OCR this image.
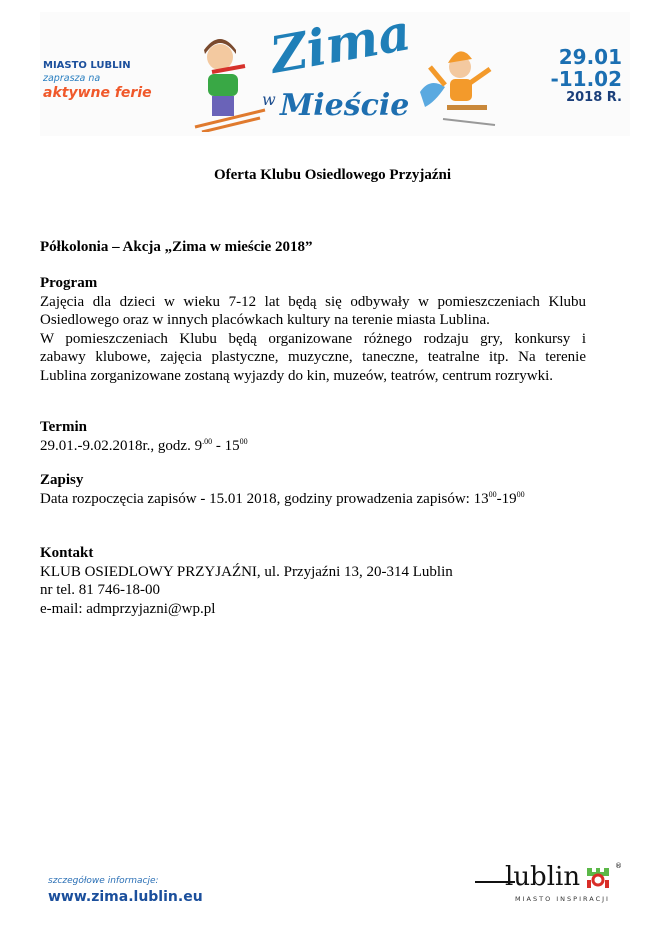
MIASTO LUBLIN
zaprasza na
aktywne ferie
Zima
w Mieście
29.01
-11.02
2018 R.
Oferta Klubu Osiedlowego Przyjaźni
Półkolonia – Akcja „Zima w mieście 2018”
Program
Zajęcia dla dzieci w wieku 7-12 lat będą się odbywały w pomieszczeniach Klubu
Osiedlowego oraz w innych placówkach kultury na terenie miasta Lublina.
W pomieszczeniach Klubu będą organizowane różnego rodzaju gry, konkursy i
zabawy klubowe, zajęcia plastyczne, muzyczne, taneczne, teatralne itp. Na terenie
Lublina zorganizowane zostaną wyjazdy do kin, muzeów, teatrów, centrum rozrywki.
Termin
29.01.-9.02.2018r., godz. $9^{.00} - 15^{00}$
Zapisy
Data rozpoczęcia zapisów - 15.01 2018, godziny prowadzenia zapisów: $13^{00}-19^{00}$
Kontakt
KLUB OSIEDLOWY PRZYJAŹNI, ul. Przyjaźni 13, 20-314 Lublin
nr tel. 81 746-18-00
e-mail: admprzyjazni@wp.pl
szczegółowe informacje:
www.zima.lublin.eu
lublin	®
MIASTO INSPIRACJI
